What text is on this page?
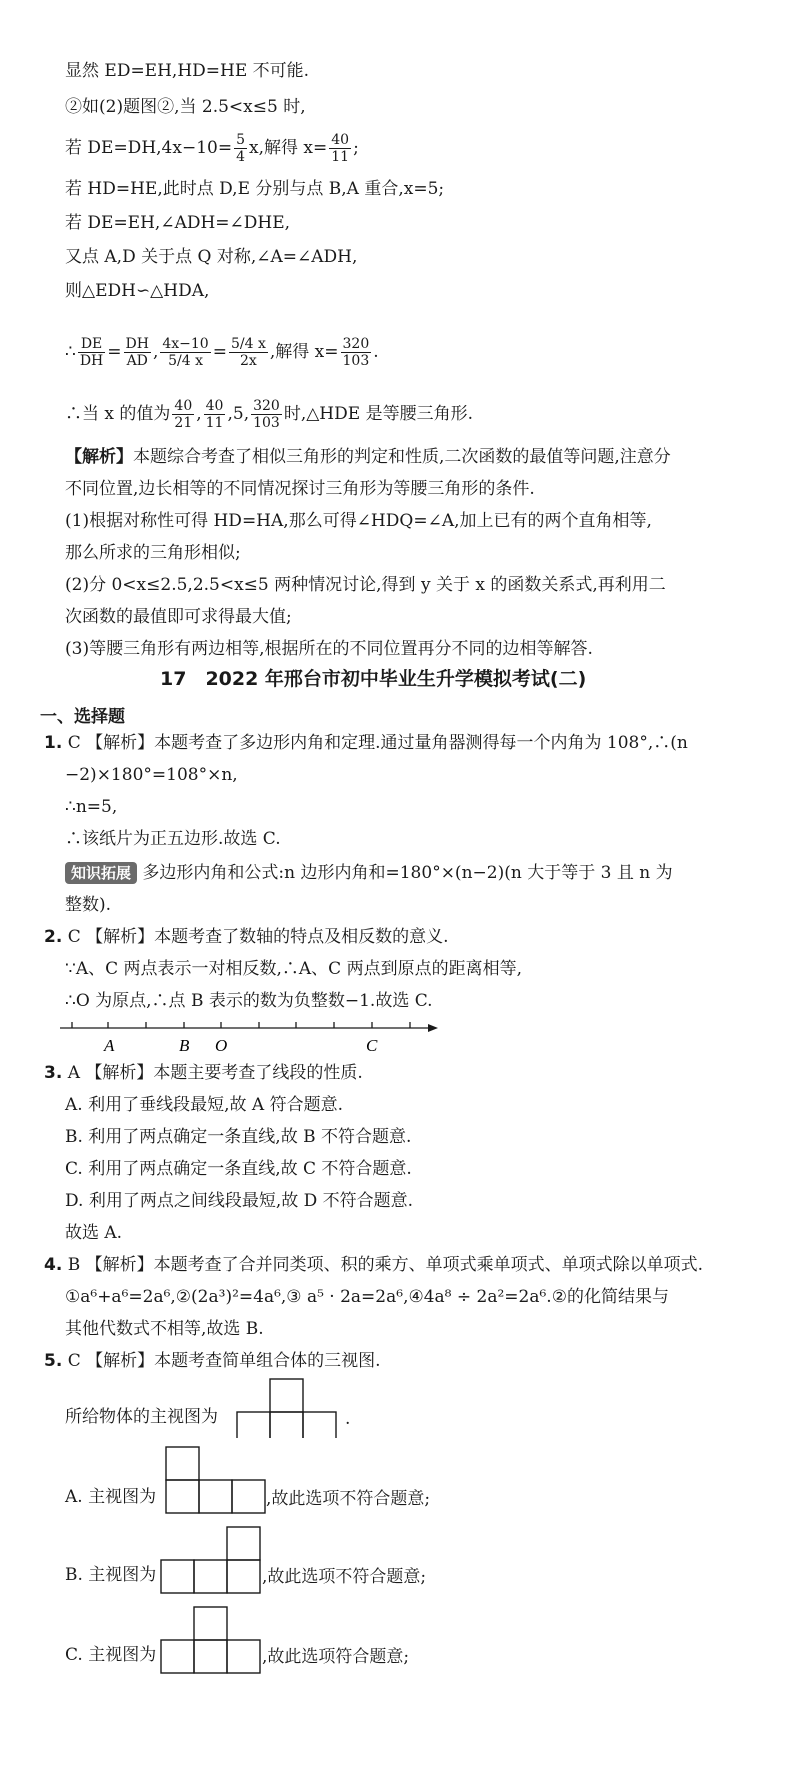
显然 ED=EH,HD=HE 不可能.
②如(2)题图②,当 2.5<x≤5 时,
若 $DE=DH,4x-10= \frac{5}{4} x$,解得 $x= \frac{40}{11}$ ;
若 HD=HE,此时点 D,E 分别与点 B,A 重合,x=5;
若 DE=EH,∠ADH=∠DHE,
又点 A,D 关于点 Q 对称,∠A=∠ADH,
则△EDH∽△HDA,
∴ $\frac{DE}{DH} = \frac{DH}{AD}$ , $\frac{4x-10}{5/4 x} = \frac{5/4 x}{2x}$ ,解得 $x= \frac{320}{103}$ .
∴当 x 的值为 $\frac{40}{21}$ , $\frac{40}{11} ,5$, $\frac{320}{103}$ 时,△HDE 是等腰三角形.
【解析】本题综合考查了相似三角形的判定和性质,二次函数的最值等问题,注意分
不同位置,边长相等的不同情况探讨三角形为等腰三角形的条件.
(1)根据对称性可得 HD=HA,那么可得∠HDQ=∠A,加上已有的两个直角相等,
那么所求的三角形相似;
(2)分 0<x≤2.5,2.5<x≤5 两种情况讨论,得到 y 关于 x 的函数关系式,再利用二
次函数的最值即可求得最大值;
(3)等腰三角形有两边相等,根据所在的不同位置再分不同的边相等解答.
17　2022 年邢台市初中毕业生升学模拟考试(二)
一、选择题
1. C 【解析】本题考查了多边形内角和定理.通过量角器测得每一个内角为 108°,∴(n
−2)×180°=108°×n,
∴n=5,
∴该纸片为正五边形.故选 C.
知识拓展 多边形内角和公式:n 边形内角和=180°×(n−2)(n 大于等于 3 且 n 为
整数).
2. C 【解析】本题考查了数轴的特点及相反数的意义.
∵A、C 两点表示一对相反数,∴A、C 两点到原点的距离相等,
∴O 为原点,∴点 B 表示的数为负整数−1.故选 C.
A	B O	C
3. A 【解析】本题主要考查了线段的性质.
A. 利用了垂线段最短,故 A 符合题意.
B. 利用了两点确定一条直线,故 B 不符合题意.
C. 利用了两点确定一条直线,故 C 不符合题意.
D. 利用了两点之间线段最短,故 D 不符合题意.
故选 A.
4. B 【解析】本题考查了合并同类项、积的乘方、单项式乘单项式、单项式除以单项式.
①a⁶+a⁶=2a⁶,②(2a³)²=4a⁶,③ a⁵ · 2a=2a⁶,④4a⁸ ÷ 2a²=2a⁶.②的化简结果与
其他代数式不相等,故选 B.
5. C 【解析】本题考查简单组合体的三视图.
所给物体的主视图为	.
A. 主视图为	,故此选项不符合题意;
B. 主视图为	,故此选项不符合题意;
C. 主视图为	,故此选项符合题意;
